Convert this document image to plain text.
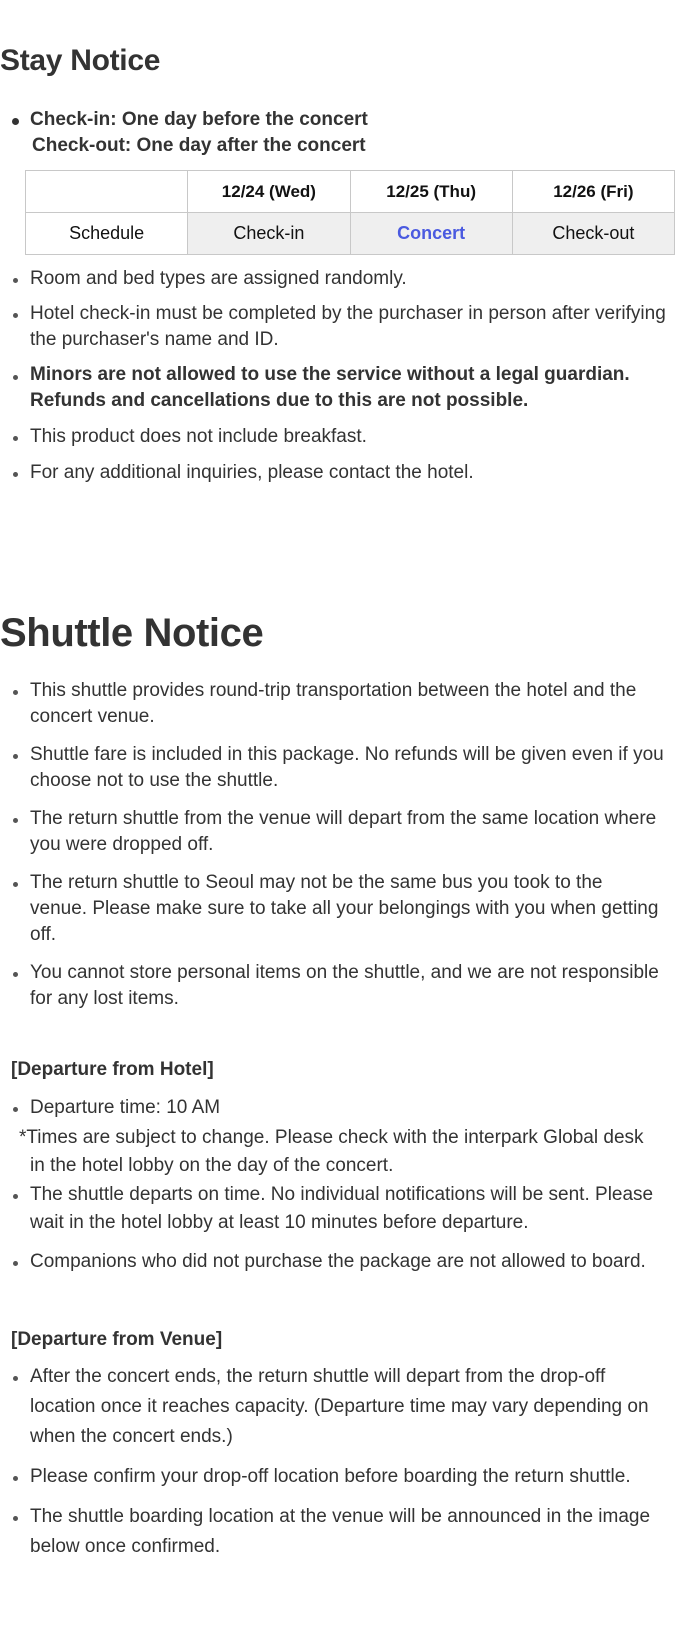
Stay Notice
Check-in: One day before the concert
Check-out: One day after the concert
	12/24 (Wed)	12/25 (Thu)	12/26 (Fri)
Schedule	Check-in	Concert	Check-out
Room and bed types are assigned randomly.
Hotel check-in must be completed by the purchaser in person after verifying
the purchaser's name and ID.
Minors are not allowed to use the service without a legal guardian.
Refunds and cancellations due to this are not possible.
This product does not include breakfast.
For any additional inquiries, please contact the hotel.
Shuttle Notice
This shuttle provides round-trip transportation between the hotel and the
concert venue.
Shuttle fare is included in this package. No refunds will be given even if you
choose not to use the shuttle.
The return shuttle from the venue will depart from the same location where
you were dropped off.
The return shuttle to Seoul may not be the same bus you took to the
venue. Please make sure to take all your belongings with you when getting
off.
You cannot store personal items on the shuttle, and we are not responsible
for any lost items.
[Departure from Hotel]
Departure time: 10 AM
*Times are subject to change. Please check with the interpark Global desk
in the hotel lobby on the day of the concert.
The shuttle departs on time. No individual notifications will be sent. Please
wait in the hotel lobby at least 10 minutes before departure.
Companions who did not purchase the package are not allowed to board.
[Departure from Venue]
After the concert ends, the return shuttle will depart from the drop-off
location once it reaches capacity. (Departure time may vary depending on
when the concert ends.)
Please confirm your drop-off location before boarding the return shuttle.
The shuttle boarding location at the venue will be announced in the image
below once confirmed.
